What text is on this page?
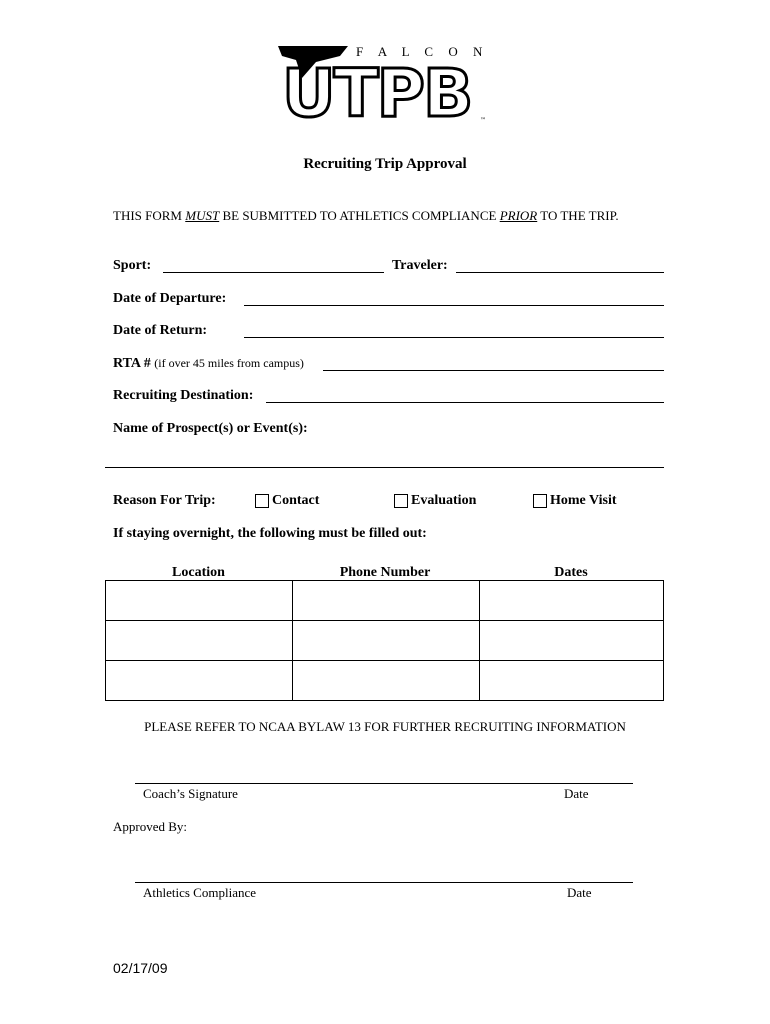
F A L C O N S
UTPB ™
Recruiting Trip Approval
THIS FORM MUST BE SUBMITTED TO ATHLETICS COMPLIANCE PRIOR TO THE TRIP.
Sport:	Traveler:
Date of Departure:
Date of Return:
RTA # (if over 45 miles from campus)
Recruiting Destination:
Name of Prospect(s) or Event(s):
Reason For Trip:	Contact	Evaluation	Home Visit
If staying overnight, the following must be filled out:
Location	Phone Number	Dates

PLEASE REFER TO NCAA BYLAW 13 FOR FURTHER RECRUITING INFORMATION
Coach’s Signature	Date
Approved By:
Athletics Compliance	Date
02/17/09
